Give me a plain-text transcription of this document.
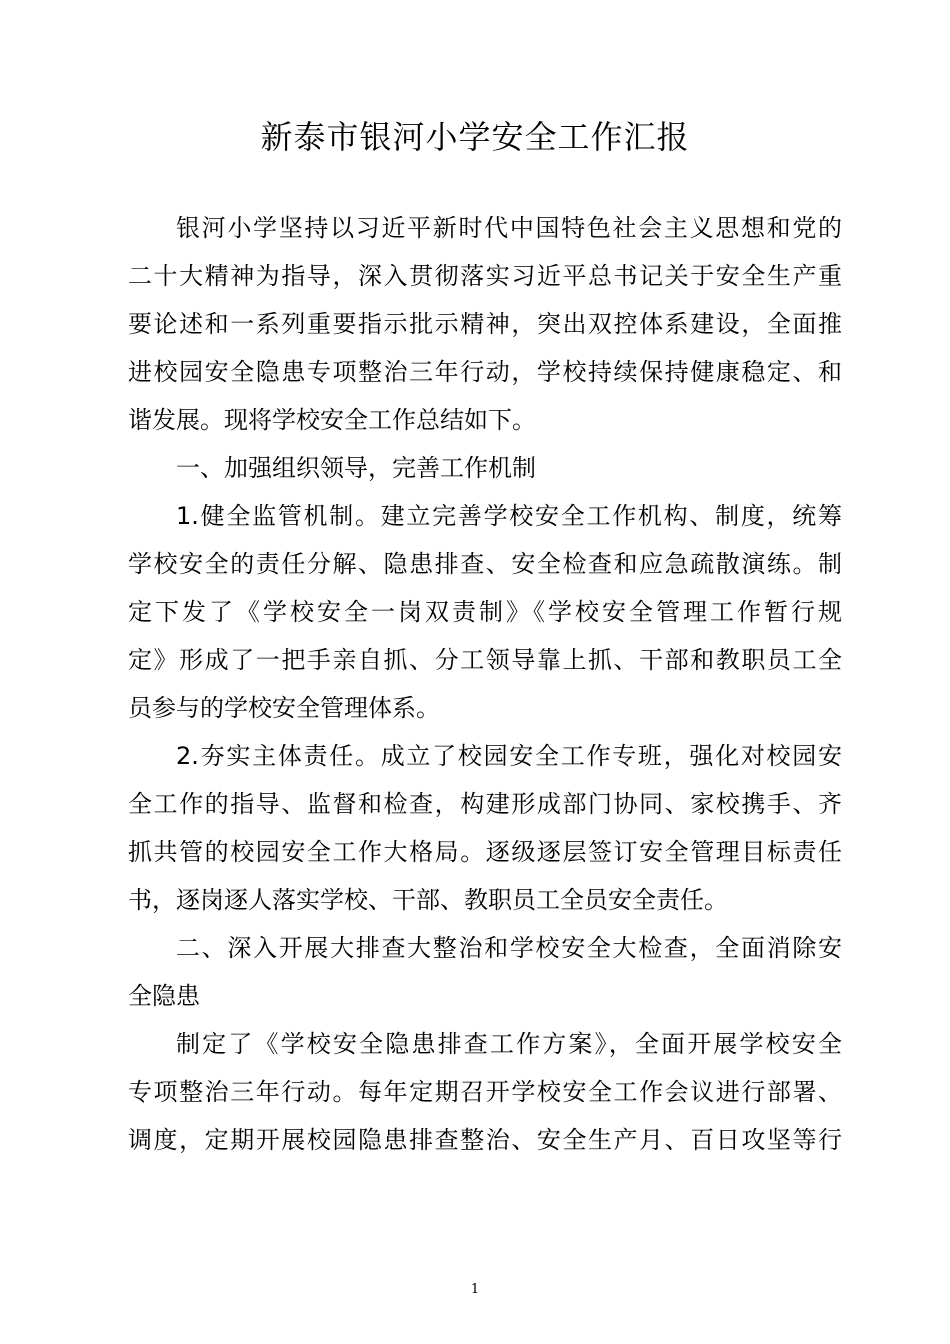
新泰市银河小学安全工作汇报
银河小学坚持以习近平新时代中国特色社会主义思想和党的
二十大精神为指导，深入贯彻落实习近平总书记关于安全生产重
要论述和一系列重要指示批示精神，突出双控体系建设，全面推
进校园安全隐患专项整治三年行动，学校持续保持健康稳定、和
谐发展。现将学校安全工作总结如下。
一、加强组织领导，完善工作机制
1.健全监管机制。建立完善学校安全工作机构、制度，统筹
学校安全的责任分解、隐患排查、安全检查和应急疏散演练。制
定下发了《学校安全一岗双责制》《学校安全管理工作暂行规
定》形成了一把手亲自抓、分工领导靠上抓、干部和教职员工全
员参与的学校安全管理体系。
2.夯实主体责任。成立了校园安全工作专班，强化对校园安
全工作的指导、监督和检查，构建形成部门协同、家校携手、齐
抓共管的校园安全工作大格局。逐级逐层签订安全管理目标责任
书，逐岗逐人落实学校、干部、教职员工全员安全责任。
二、深入开展大排查大整治和学校安全大检查，全面消除安
全隐患
制定了《学校安全隐患排查工作方案》，全面开展学校安全
专项整治三年行动。每年定期召开学校安全工作会议进行部署、
调度，定期开展校园隐患排查整治、安全生产月、百日攻坚等行
1
